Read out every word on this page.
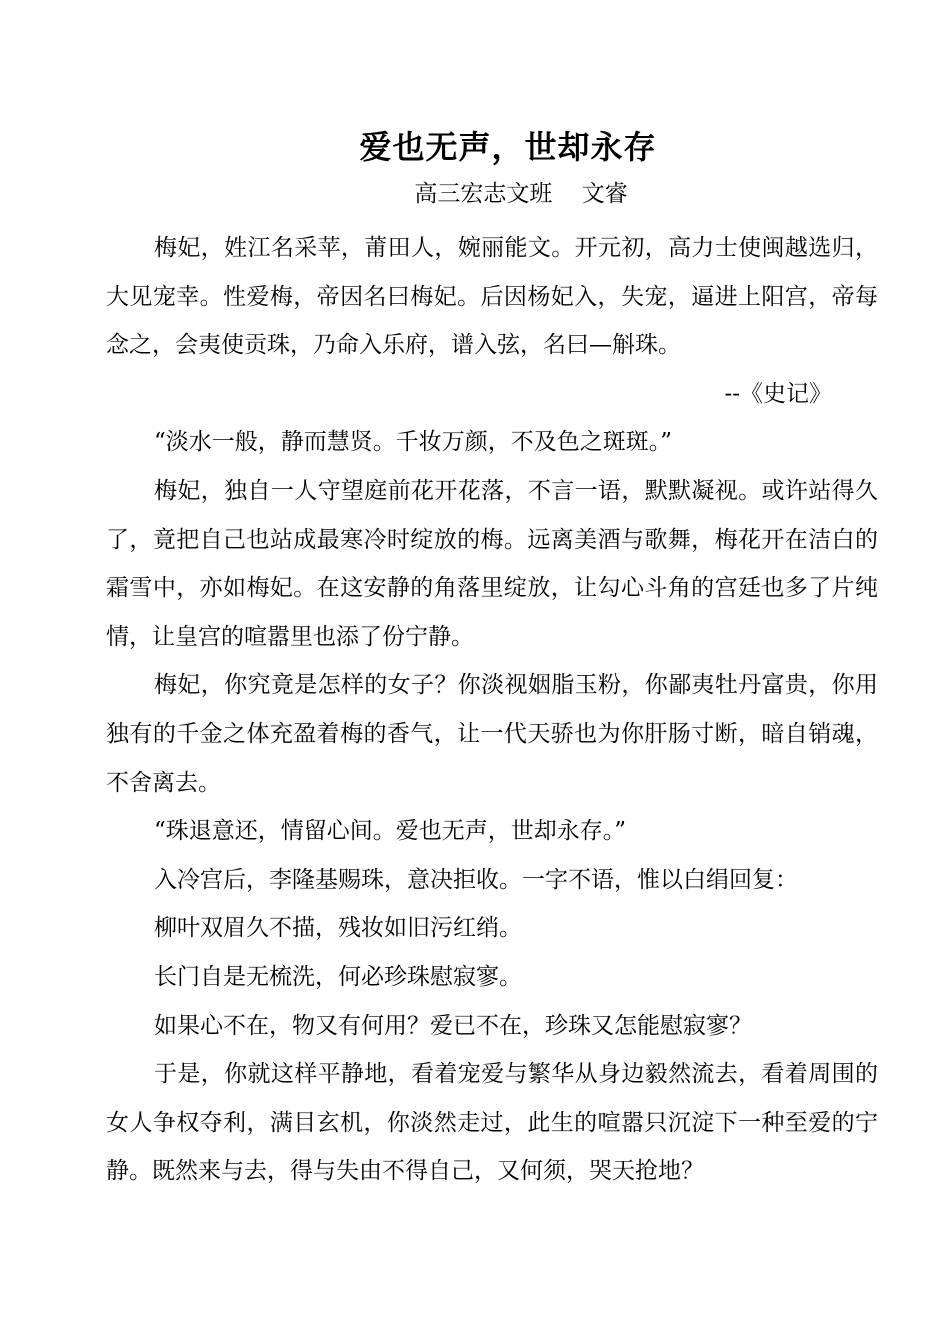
爱也无声，世却永存
高三宏志文班    文睿

梅妃，姓江名采苹，莆田人，婉丽能文。开元初，高力士使闽越选归，大见宠幸。性爱梅，帝因名曰梅妃。后因杨妃入，失宠，逼进上阳宫，帝每念之，会夷使贡珠，乃命入乐府，谱入弦，名曰—斛珠。

--《史记》

“淡水一般，静而慧贤。千妆万颜，不及色之斑斑。”

梅妃，独自一人守望庭前花开花落，不言一语，默默凝视。或许站得久了，竟把自己也站成最寒冷时绽放的梅。远离美酒与歌舞，梅花开在洁白的霜雪中，亦如梅妃。在这安静的角落里绽放，让勾心斗角的宫廷也多了片纯情，让皇宫的喧嚣里也添了份宁静。

梅妃，你究竟是怎样的女子？你淡视姻脂玉粉，你鄙夷牡丹富贵，你用独有的千金之体充盈着梅的香气，让一代天骄也为你肝肠寸断，暗自销魂，不舍离去。

“珠退意还，情留心间。爱也无声，世却永存。”

入冷宫后，李隆基赐珠，意决拒收。一字不语，惟以白绢回复：

柳叶双眉久不描，残妆如旧污红绡。

长门自是无梳洗，何必珍珠慰寂寥。

如果心不在，物又有何用？爱已不在，珍珠又怎能慰寂寥？

于是，你就这样平静地，看着宠爱与繁华从身边毅然流去，看着周围的女人争权夺利，满目玄机，你淡然走过，此生的喧嚣只沉淀下一种至爱的宁静。既然来与去，得与失由不得自己，又何须，哭天抢地？
